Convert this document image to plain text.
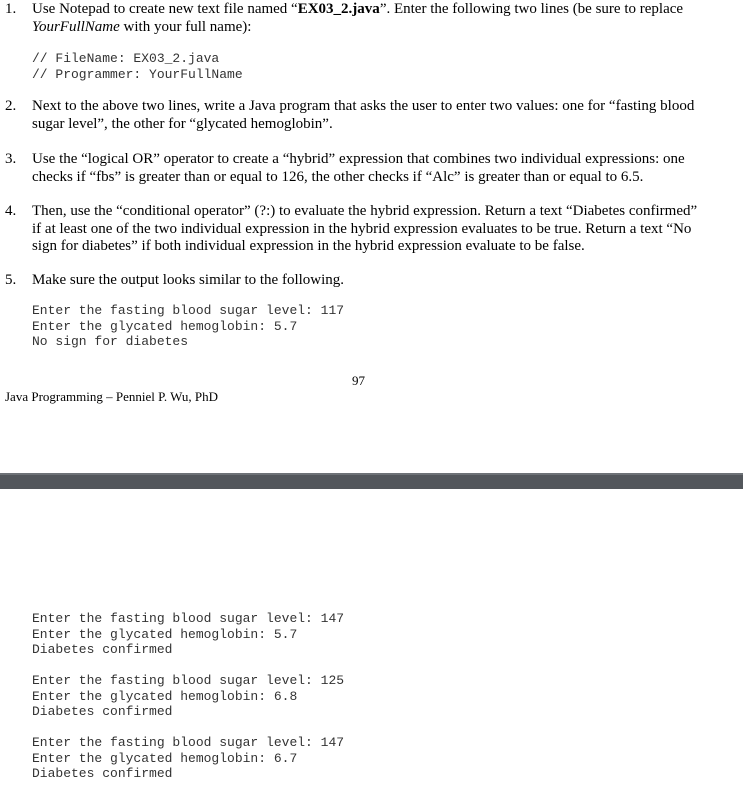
1. Use Notepad to create new text file named “EX03_2.java”. Enter the following two lines (be sure to replace
YourFullName with your full name):
// FileName: EX03_2.java
// Programmer: YourFullName
2. Next to the above two lines, write a Java program that asks the user to enter two values: one for “fasting blood
sugar level”, the other for “glycated hemoglobin”.
3. Use the “logical OR” operator to create a “hybrid” expression that combines two individual expressions: one
checks if “fbs” is greater than or equal to 126, the other checks if “Alc” is greater than or equal to 6.5.
4. Then, use the “conditional operator” (?:) to evaluate the hybrid expression. Return a text “Diabetes confirmed”
if at least one of the two individual expression in the hybrid expression evaluates to be true. Return a text “No
sign for diabetes” if both individual expression in the hybrid expression evaluate to be false.
5. Make sure the output looks similar to the following.
Enter the fasting blood sugar level: 117
Enter the glycated hemoglobin: 5.7
No sign for diabetes
97
Java Programming – Penniel P. Wu, PhD
Enter the fasting blood sugar level: 147
Enter the glycated hemoglobin: 5.7
Diabetes confirmed
Enter the fasting blood sugar level: 125
Enter the glycated hemoglobin: 6.8
Diabetes confirmed
Enter the fasting blood sugar level: 147
Enter the glycated hemoglobin: 6.7
Diabetes confirmed
